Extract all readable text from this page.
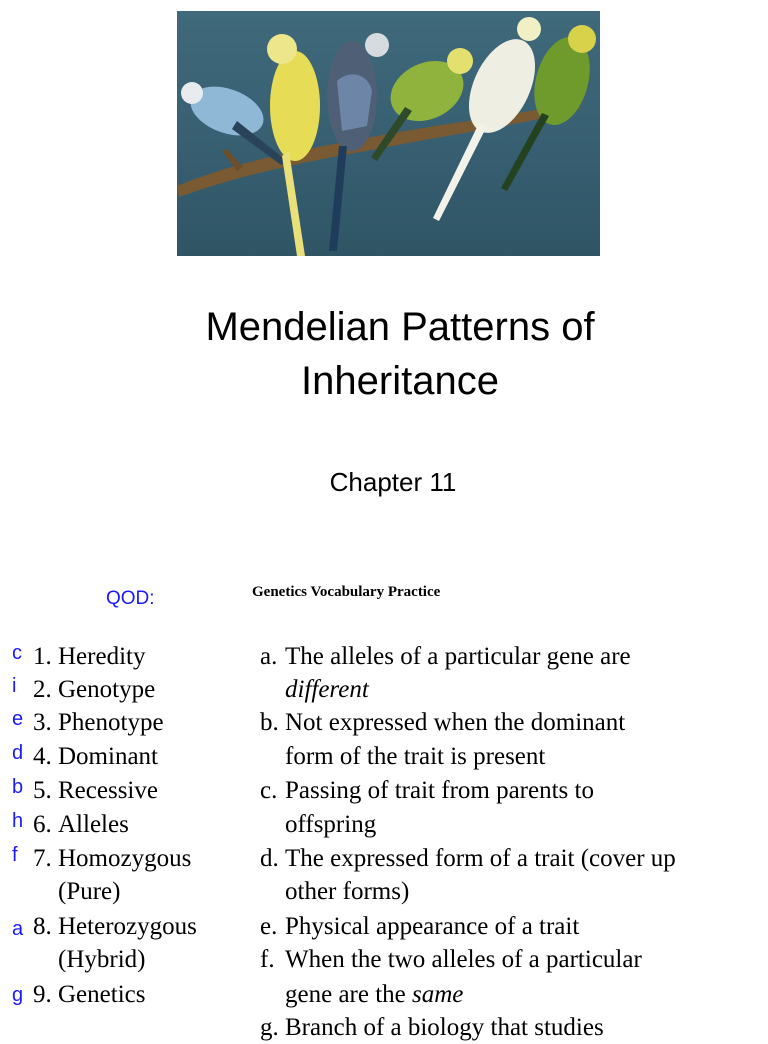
Mendelian Patterns of
Inheritance
Chapter 11
QOD:	Genetics Vocabulary Practice
c 1. Heredity
i 2. Genotype
e 3. Phenotype
d 4. Dominant
b 5. Recessive
h 6. Alleles
f 7. Homozygous
(Pure)
a 8. Heterozygous
(Hybrid)
g 9. Genetics
a. The alleles of a particular gene are
different
b. Not expressed when the dominant
form of the trait is present
c. Passing of trait from parents to
offspring
d. The expressed form of a trait (cover up
other forms)
e. Physical appearance of a trait
f. When the two alleles of a particular
gene are the same
g. Branch of a biology that studies
